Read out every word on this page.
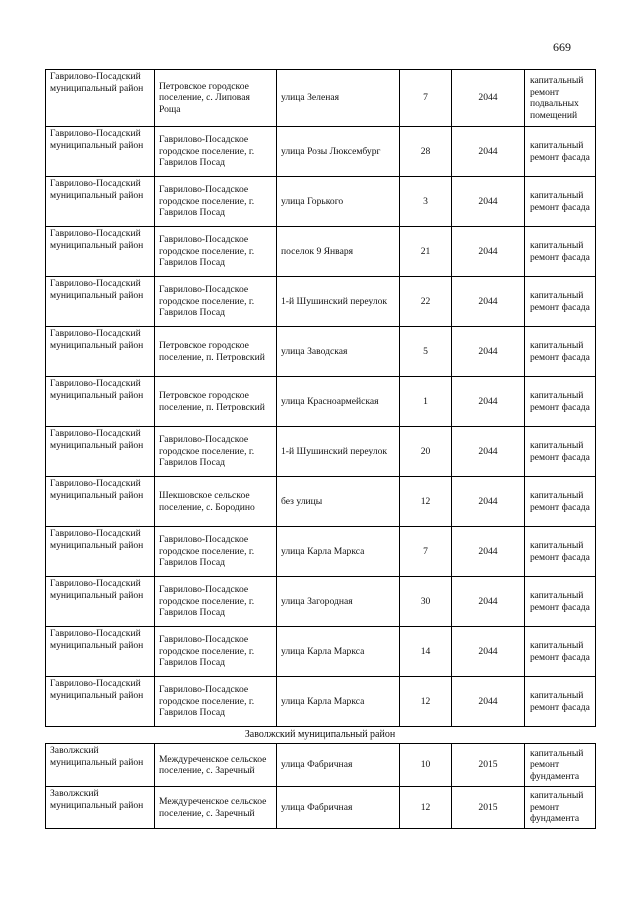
669
Гаврилово-Посадский муниципальный район	Петровское городское поселение, с. Липовая Роща	улица Зеленая	7	2044	капитальный ремонт подвальных помещений
Гаврилово-Посадский муниципальный район	Гаврилово-Посадское городское поселение, г. Гаврилов Посад	улица Розы Люксембург	28	2044	капитальный ремонт фасада
Гаврилово-Посадский муниципальный район	Гаврилово-Посадское городское поселение, г. Гаврилов Посад	улица Горького	3	2044	капитальный ремонт фасада
Гаврилово-Посадский муниципальный район	Гаврилово-Посадское городское поселение, г. Гаврилов Посад	поселок 9 Января	21	2044	капитальный ремонт фасада
Гаврилово-Посадский муниципальный район	Гаврилово-Посадское городское поселение, г. Гаврилов Посад	1-й Шушинский переулок	22	2044	капитальный ремонт фасада
Гаврилово-Посадский муниципальный район	Петровское городское поселение, п. Петровский	улица Заводская	5	2044	капитальный ремонт фасада
Гаврилово-Посадский муниципальный район	Петровское городское поселение, п. Петровский	улица Красноармейская	1	2044	капитальный ремонт фасада
Гаврилово-Посадский муниципальный район	Гаврилово-Посадское городское поселение, г. Гаврилов Посад	1-й Шушинский переулок	20	2044	капитальный ремонт фасада
Гаврилово-Посадский муниципальный район	Шекшовское сельское поселение, с. Бородино	без улицы	12	2044	капитальный ремонт фасада
Гаврилово-Посадский муниципальный район	Гаврилово-Посадское городское поселение, г. Гаврилов Посад	улица Карла Маркса	7	2044	капитальный ремонт фасада
Гаврилово-Посадский муниципальный район	Гаврилово-Посадское городское поселение, г. Гаврилов Посад	улица Загородная	30	2044	капитальный ремонт фасада
Гаврилово-Посадский муниципальный район	Гаврилово-Посадское городское поселение, г. Гаврилов Посад	улица Карла Маркса	14	2044	капитальный ремонт фасада
Гаврилово-Посадский муниципальный район	Гаврилово-Посадское городское поселение, г. Гаврилов Посад	улица Карла Маркса	12	2044	капитальный ремонт фасада
Заволжский муниципальный район
Заволжский муниципальный район	Междуреченское сельское поселение, с. Заречный	улица Фабричная	10	2015	капитальный ремонт фундамента
Заволжский муниципальный район	Междуреченское сельское поселение, с. Заречный	улица Фабричная	12	2015	капитальный ремонт фундамента
